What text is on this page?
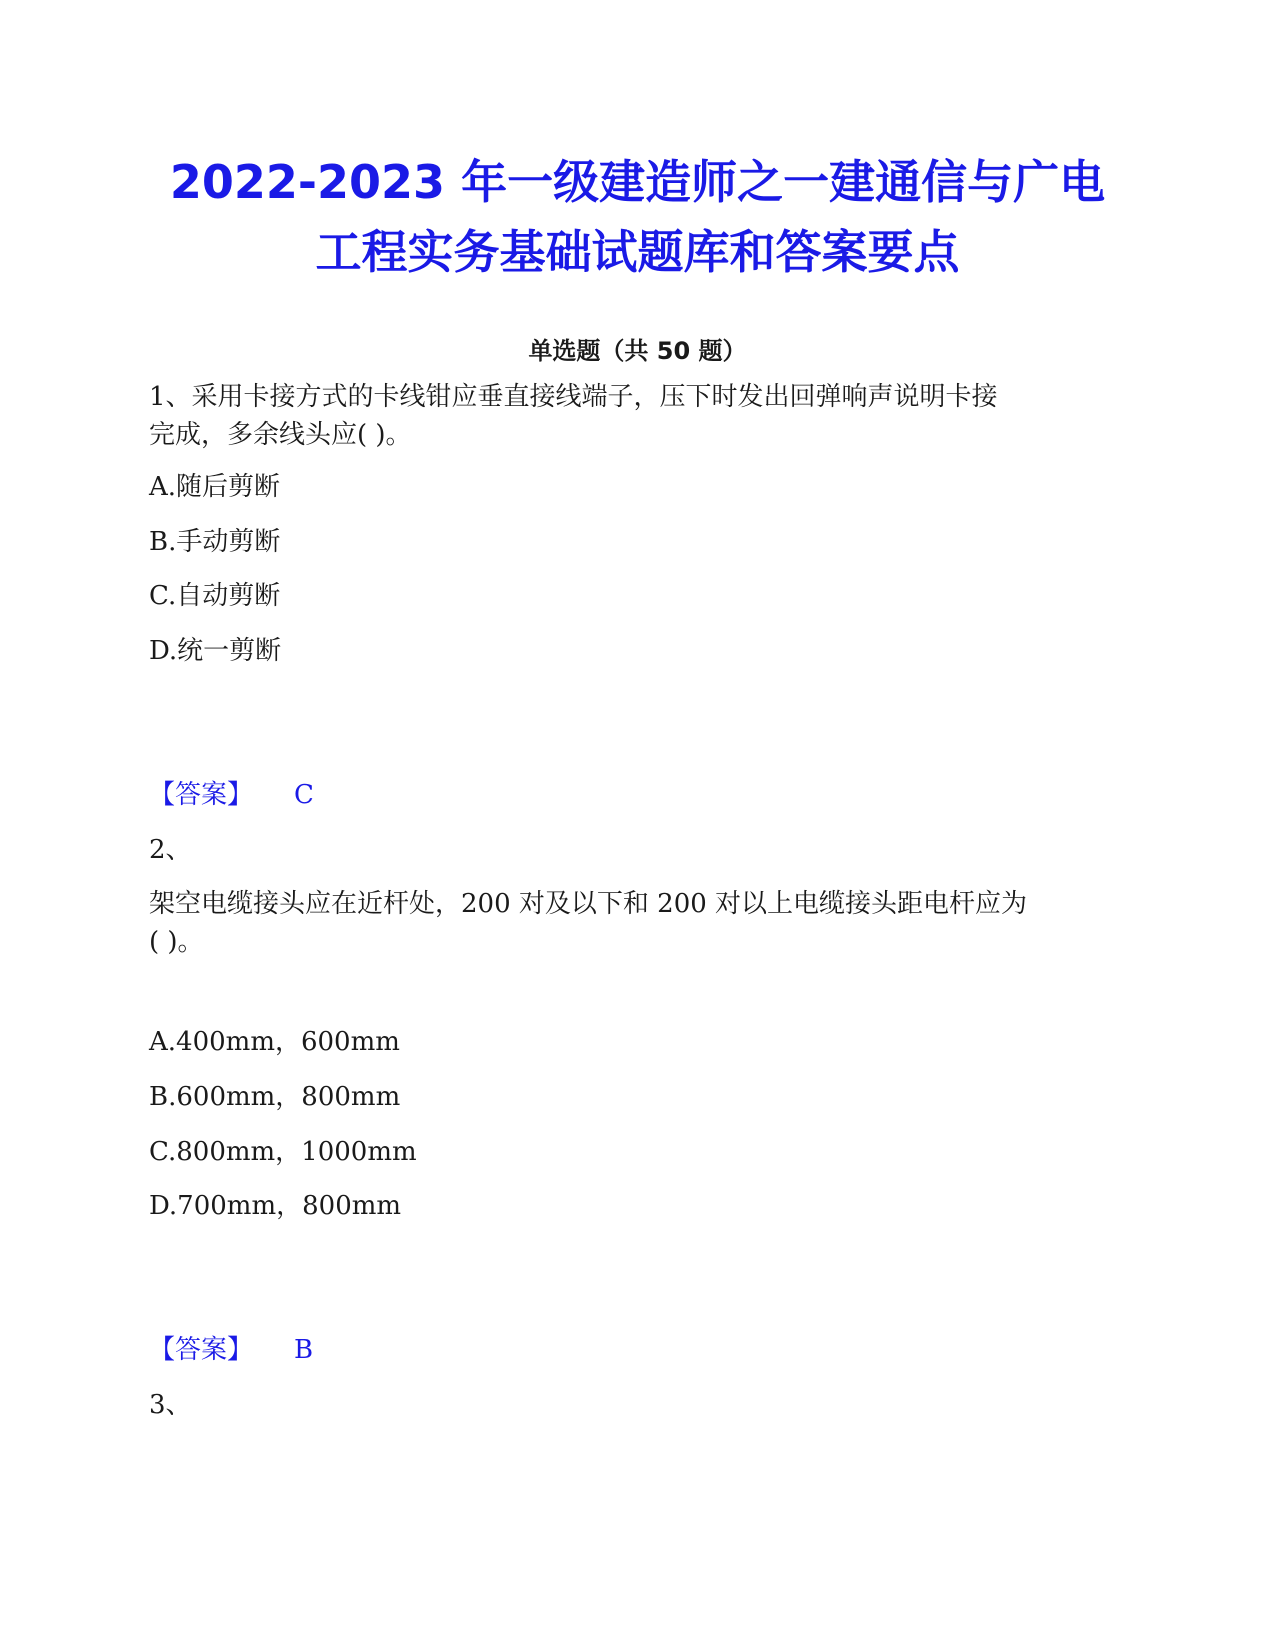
2022-2023 年一级建造师之一建通信与广电
工程实务基础试题库和答案要点
单选题（共 50 题）

1、采用卡接方式的卡线钳应垂直接线端子，压下时发出回弹响声说明卡接

完成，多余线头应( )。

A.随后剪断

B.手动剪断

C.自动剪断

D.统一剪断

【答案】 C

2、

架空电缆接头应在近杆处，200 对及以下和 200 对以上电缆接头距电杆应为

( )。

A.400mm，600mm

B.600mm，800mm

C.800mm，1000mm

D.700mm，800mm

【答案】 B

3、
